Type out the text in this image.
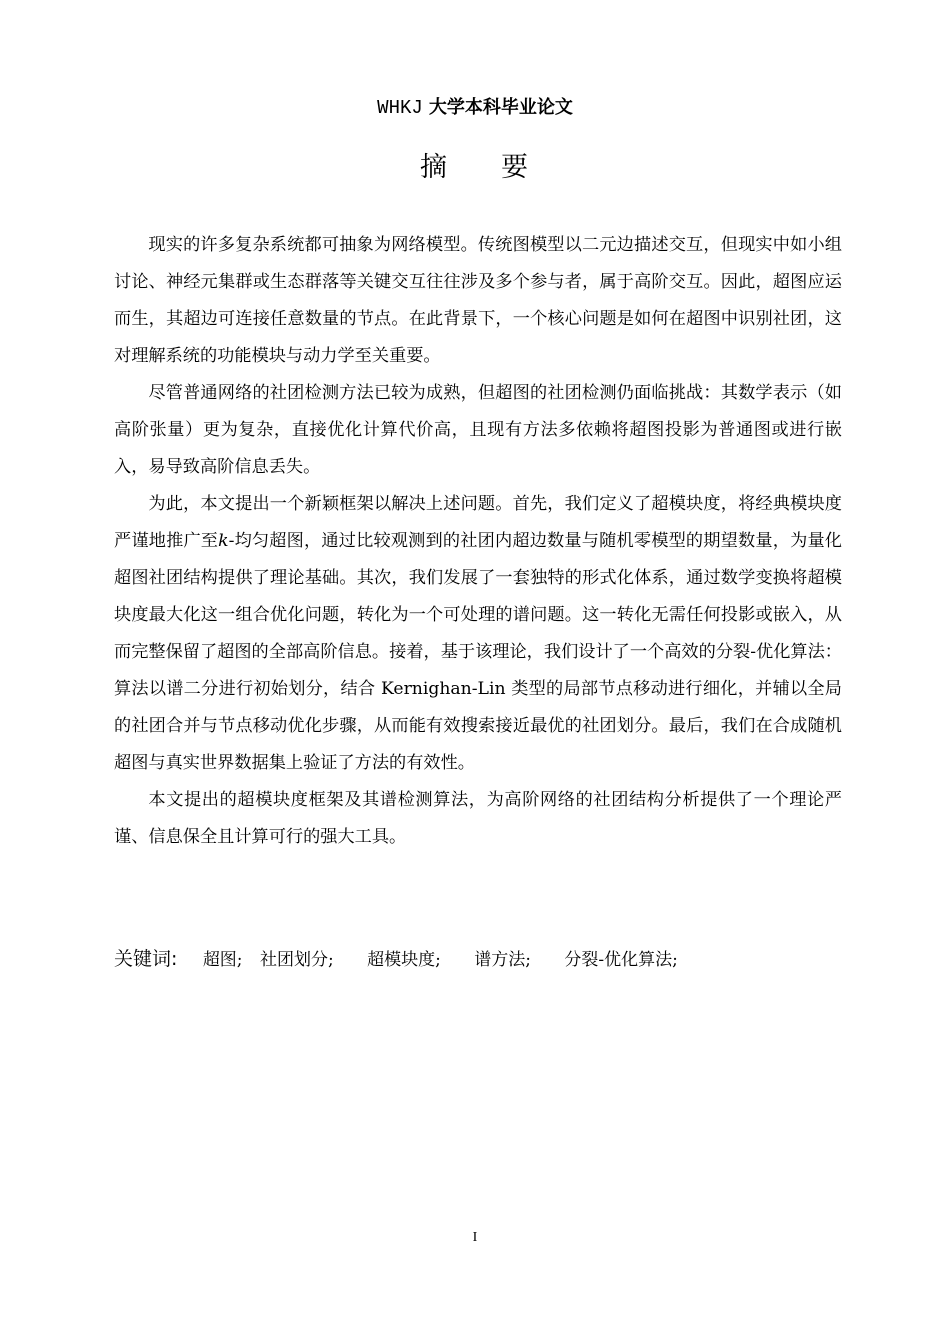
WHKJ 大学本科毕业论文
摘 要

现实的许多复杂系统都可抽象为网络模型。传统图模型以二元边描述交互，但现实中如小组讨论、神经元集群或生态群落等关键交互往往涉及多个参与者，属于高阶交互。因此，超图应运而生，其超边可连接任意数量的节点。在此背景下，一个核心问题是如何在超图中识别社团，这对理解系统的功能模块与动力学至关重要。

尽管普通网络的社团检测方法已较为成熟，但超图的社团检测仍面临挑战：其数学表示（如高阶张量）更为复杂，直接优化计算代价高，且现有方法多依赖将超图投影为普通图或进行嵌入，易导致高阶信息丢失。

为此，本文提出一个新颖框架以解决上述问题。首先，我们定义了超模块度，将经典模块度严谨地推广至k-均匀超图，通过比较观测到的社团内超边数量与随机零模型的期望数量，为量化超图社团结构提供了理论基础。其次，我们发展了一套独特的形式化体系，通过数学变换将超模块度最大化这一组合优化问题，转化为一个可处理的谱问题。这一转化无需任何投影或嵌入，从而完整保留了超图的全部高阶信息。接着，基于该理论，我们设计了一个高效的分裂-优化算法：算法以谱二分进行初始划分，结合 Kernighan-Lin 类型的局部节点移动进行细化，并辅以全局的社团合并与节点移动优化步骤，从而能有效搜索接近最优的社团划分。最后，我们在合成随机超图与真实世界数据集上验证了方法的有效性。

本文提出的超模块度框架及其谱检测算法，为高阶网络的社团结构分析提供了一个理论严谨、信息保全且计算可行的强大工具。

关键词: 超图; 社团划分; 超模块度; 谱方法; 分裂-优化算法;
I
